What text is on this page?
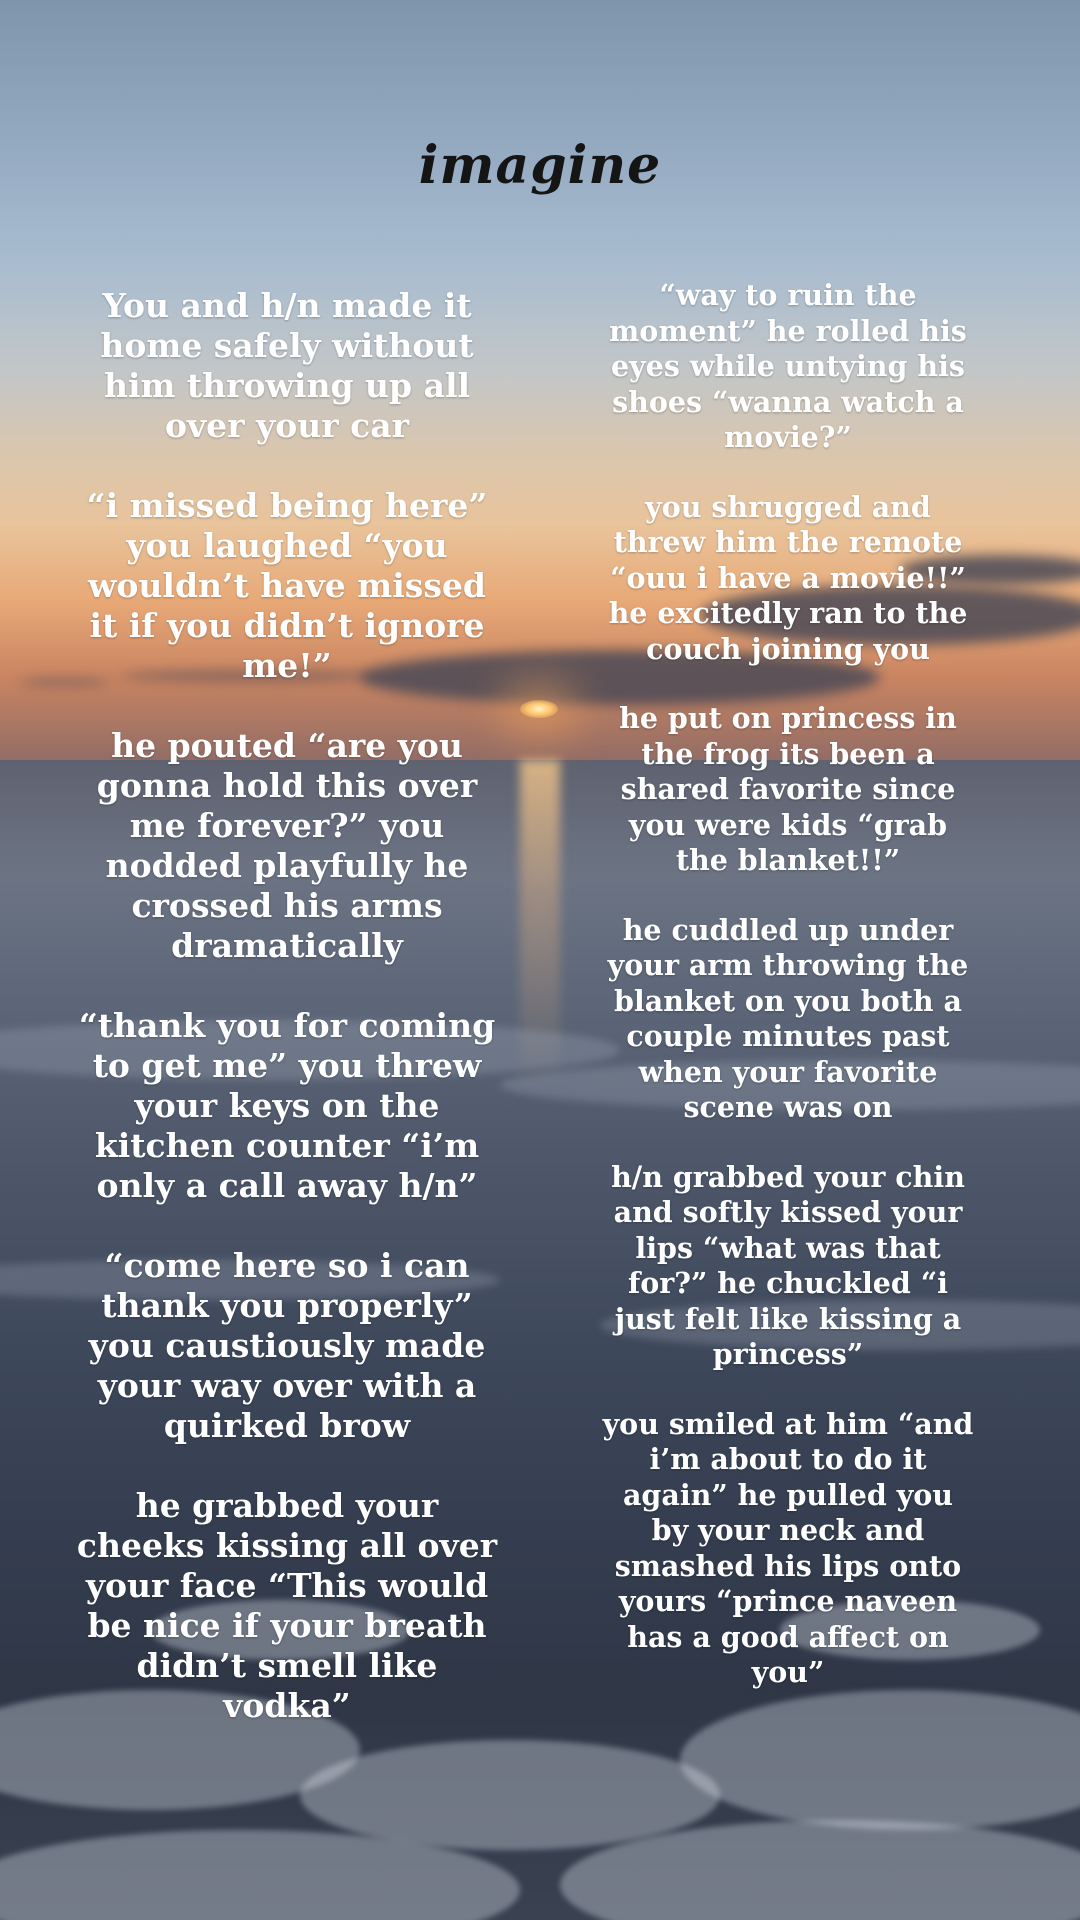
imagine

You and h/n made it home safely without him throwing up all over your car

“i missed being here” you laughed “you wouldn’t have missed it if you didn’t ignore me!”

he pouted “are you gonna hold this over me forever?” you nodded playfully he crossed his arms dramatically

“thank you for coming to get me” you threw your keys on the kitchen counter “i’m only a call away h/n”

“come here so i can thank you properly” you caustiously made your way over with a quirked brow

he grabbed your cheeks kissing all over your face “This would be nice if your breath didn’t smell like vodka”

“way to ruin the moment” he rolled his eyes while untying his shoes “wanna watch a movie?”

you shrugged and threw him the remote “ouu i have a movie!!” he excitedly ran to the couch joining you

he put on princess in the frog its been a shared favorite since you were kids “grab the blanket!!”

he cuddled up under your arm throwing the blanket on you both a couple minutes past when your favorite scene was on

h/n grabbed your chin and softly kissed your lips “what was that for?” he chuckled “i just felt like kissing a princess”

you smiled at him “and i’m about to do it again” he pulled you by your neck and smashed his lips onto yours “prince naveen has a good affect on you”
